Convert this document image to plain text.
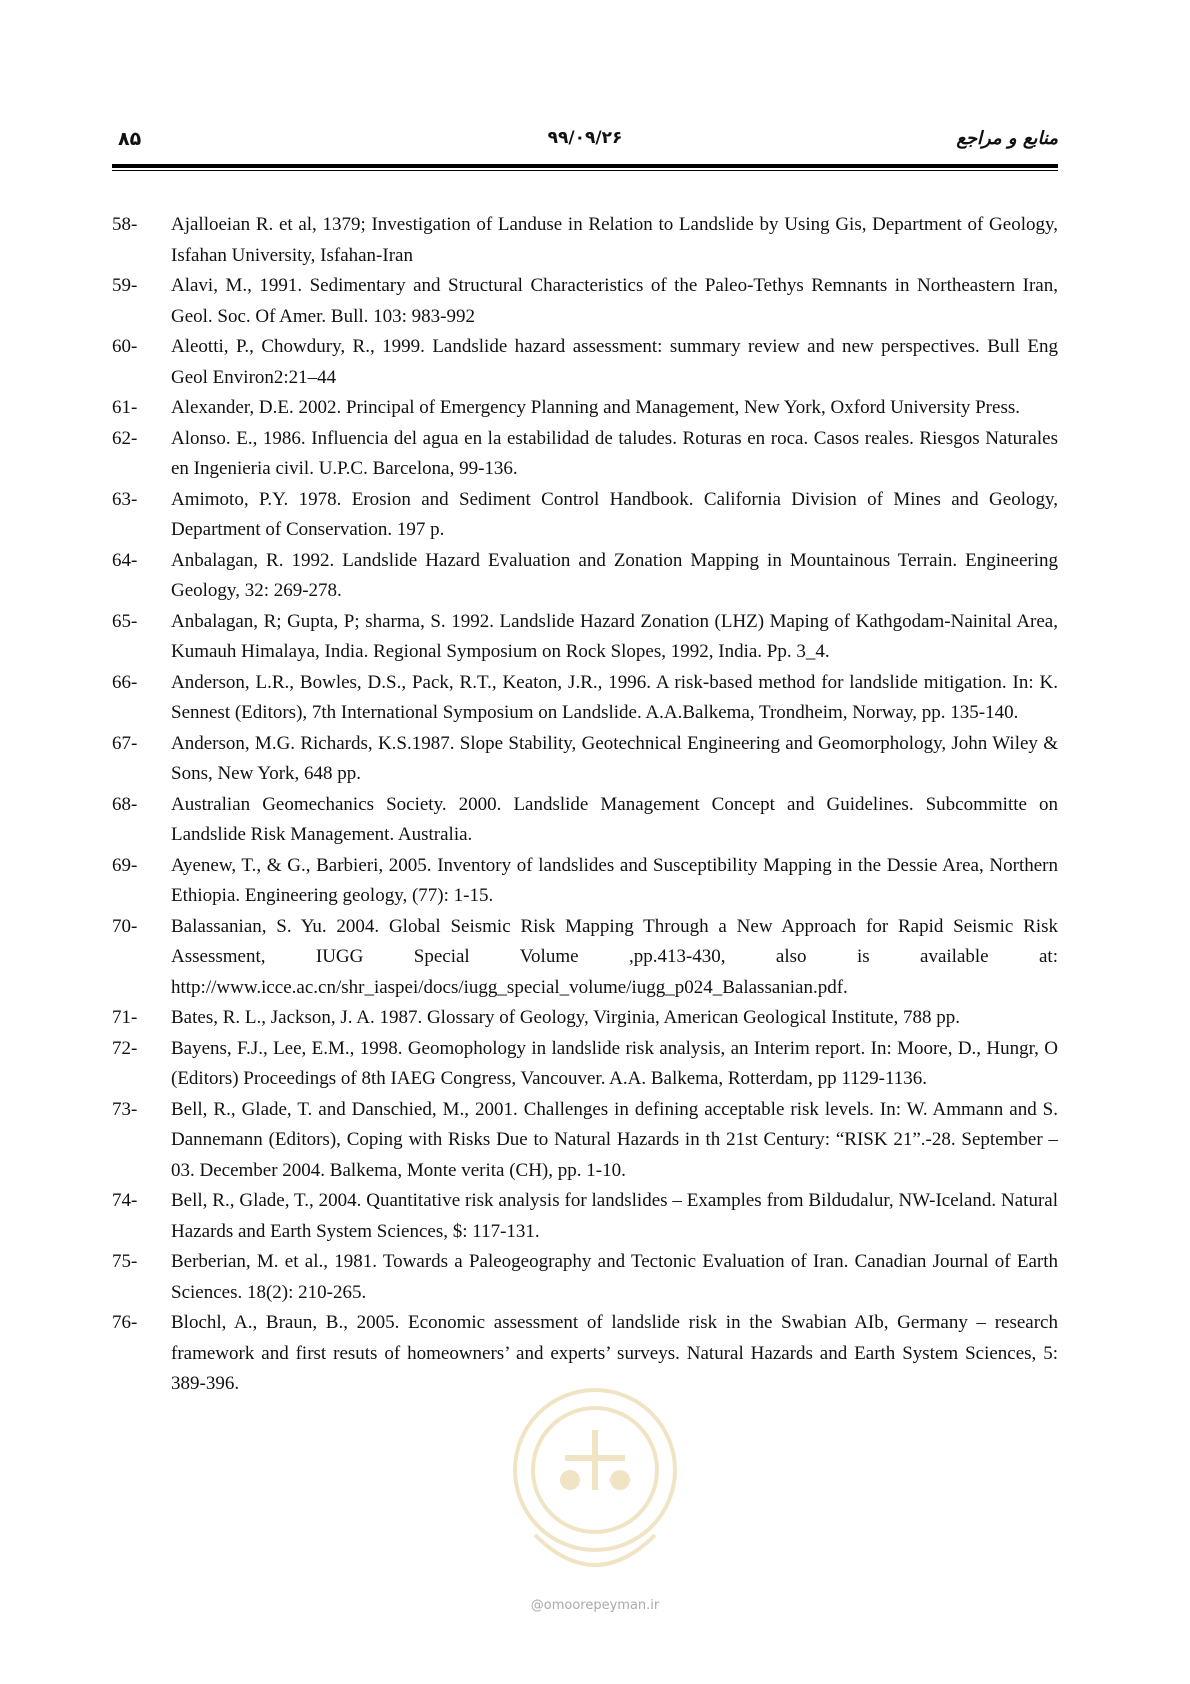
۸۵	۹۹/۰۹/۲۶	منابع و مراجع
58-	Ajalloeian R. et al, 1379; Investigation of Landuse in Relation to Landslide by Using Gis, Department of Geology, Isfahan University, Isfahan-Iran
59-	Alavi, M., 1991. Sedimentary and Structural Characteristics of the Paleo-Tethys Remnants in Northeastern Iran, Geol. Soc. Of Amer. Bull. 103: 983-992
60-	Aleotti, P., Chowdury, R., 1999. Landslide hazard assessment: summary review and new perspectives. Bull Eng Geol Environ2:21–44
61-	Alexander, D.E. 2002. Principal of Emergency Planning and Management, New York, Oxford University Press.
62-	Alonso. E., 1986. Influencia del agua en la estabilidad de taludes. Roturas en roca. Casos reales. Riesgos Naturales en Ingenieria civil. U.P.C. Barcelona, 99-136.
63-	Amimoto, P.Y. 1978. Erosion and Sediment Control Handbook. California Division of Mines and Geology, Department of Conservation. 197 p.
64-	Anbalagan, R. 1992. Landslide Hazard Evaluation and Zonation Mapping in Mountainous Terrain. Engineering Geology, 32: 269-278.
65-	Anbalagan, R; Gupta, P; sharma, S. 1992. Landslide Hazard Zonation (LHZ) Maping of Kathgodam-Nainital Area, Kumauh Himalaya, India. Regional Symposium on Rock Slopes, 1992, India. Pp. 3_4.
66-	Anderson, L.R., Bowles, D.S., Pack, R.T., Keaton, J.R., 1996. A risk-based method for landslide mitigation. In: K. Sennest (Editors), 7th International Symposium on Landslide. A.A.Balkema, Trondheim, Norway, pp. 135-140.
67-	Anderson, M.G. Richards, K.S.1987. Slope Stability, Geotechnical Engineering and Geomorphology, John Wiley & Sons, New York, 648 pp.
68-	Australian Geomechanics Society. 2000. Landslide Management Concept and Guidelines. Subcommitte on Landslide Risk Management. Australia.
69-	Ayenew, T., & G., Barbieri, 2005. Inventory of landslides and Susceptibility Mapping in the Dessie Area, Northern Ethiopia. Engineering geology, (77): 1-15.
70-	Balassanian, S. Yu. 2004. Global Seismic Risk Mapping Through a New Approach for Rapid Seismic Risk Assessment, IUGG Special Volume ,pp.413-430, also is available at: http://www.icce.ac.cn/shr_iaspei/docs/iugg_special_volume/iugg_p024_Balassanian.pdf.
71-	Bates, R. L., Jackson, J. A. 1987. Glossary of Geology, Virginia, American Geological Institute, 788 pp.
72-	Bayens, F.J., Lee, E.M., 1998. Geomophology in landslide risk analysis, an Interim report. In: Moore, D., Hungr, O (Editors) Proceedings of 8th IAEG Congress, Vancouver. A.A. Balkema, Rotterdam, pp 1129-1136.
73-	Bell, R., Glade, T. and Danschied, M., 2001. Challenges in defining acceptable risk levels. In: W. Ammann and S. Dannemann (Editors), Coping with Risks Due to Natural Hazards in th 21st Century: “RISK 21”.-28. September – 03. December 2004. Balkema, Monte verita (CH), pp. 1-10.
74-	Bell, R., Glade, T., 2004. Quantitative risk analysis for landslides – Examples from Bildudalur, NW-Iceland. Natural Hazards and Earth System Sciences, $: 117-131.
75-	Berberian, M. et al., 1981. Towards a Paleogeography and Tectonic Evaluation of Iran. Canadian Journal of Earth Sciences. 18(2): 210-265.
76-	Blochl, A., Braun, B., 2005. Economic assessment of landslide risk in the Swabian AIb, Germany – research framework and first resuts of homeowners’ and experts’ surveys. Natural Hazards and Earth System Sciences, 5: 389-396.
@omoorepeyman.ir
